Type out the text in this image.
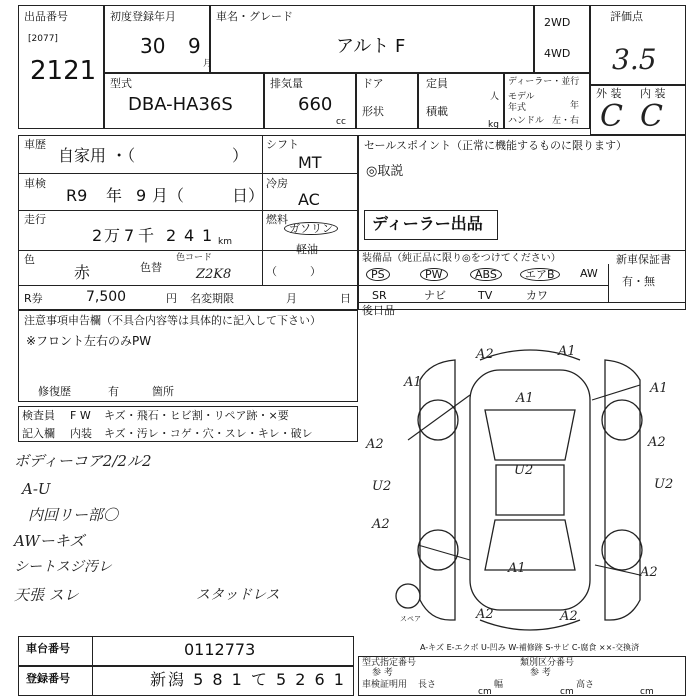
出品番号
[2077]
2121
初度登録年月
30 9
月
車名・グレード
アルト F
2WD
4WD
評価点
3.5
型式
DBA-HA36S
排気量
660
cc
ドア
形状
定員
人
積載
kg
ディーラー・並行
モデル
年式	年
ハンドル 左・右
外 装 内 装
C C
車歴
自家用 ・（	）
シフト
MT
車検
R9 年 9 月（	日）
冷房
AC
走行
2 万 7 千 2 4 1 km
燃料
ガソリン
軽油
（　　　）
色
赤	色替
色コード
Z2K8
R券	7,500	円 名変期限	月	日
セールスポイント（正常に機能するものに限ります）
◎取説
ディーラー出品
装備品（純正品に限り◎をつけてください）	新車保証書
有・無
PS	PW	ABS	エアB	AW
SR	ナビ	TV	カワ
後日品
注意事項申告欄（不具合内容等は具体的に記入して下さい）
※フロント左右のみPW
修復歴	有	箇所
検査員 F W キズ・飛石・ヒビ割・リペア跡・×要
記入欄 内装 キズ・汚レ・コゲ・穴・スレ・キレ・破レ
ボディーコア2/2ル2
A-U
内回リー部〇
AWーキズ
シートスジ汚レ
天張 スレ	スタッドレス
A2	A1
A1	A1
A1
A2
U2	U2
U2
A2
A1	A2
A2	A2
A2
スペア
A-キズ E-エクボ U-凹み W-補修跡 S-サビ C-腐食 ××-交換済
車台番号	0112773
登録番号	新潟 5 8 1 て 5 2 6 1
型式指定番号
参 考
類別区分番号
参 考
車検証明用 長さ
cm
幅
cm
高さ
cm
